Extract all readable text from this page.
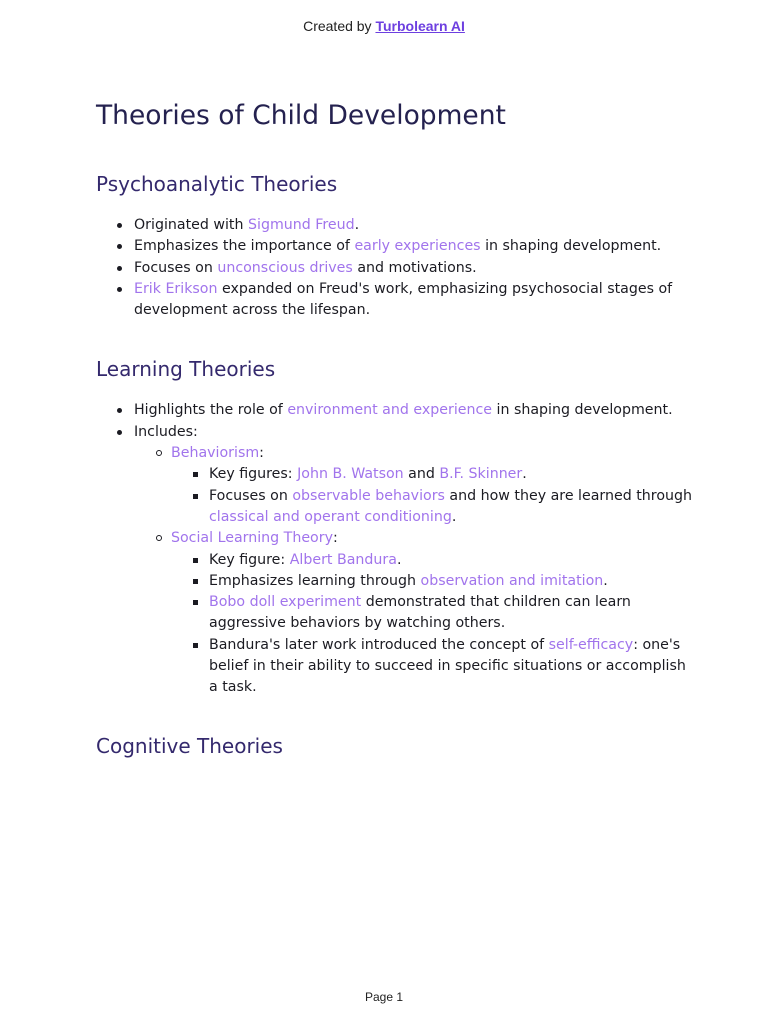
Created by Turbolearn AI
Theories of Child Development
Psychoanalytic Theories
Originated with Sigmund Freud.
Emphasizes the importance of early experiences in shaping development.
Focuses on unconscious drives and motivations.
Erik Erikson expanded on Freud's work, emphasizing psychosocial stages of development across the lifespan.
Learning Theories
Highlights the role of environment and experience in shaping development.
Includes:
Behaviorism:
Key figures: John B. Watson and B.F. Skinner.
Focuses on observable behaviors and how they are learned through classical and operant conditioning.
Social Learning Theory:
Key figure: Albert Bandura.
Emphasizes learning through observation and imitation.
Bobo doll experiment demonstrated that children can learn aggressive behaviors by watching others.
Bandura's later work introduced the concept of self-efficacy: one's belief in their ability to succeed in specific situations or accomplish a task.
Cognitive Theories
Page 1
